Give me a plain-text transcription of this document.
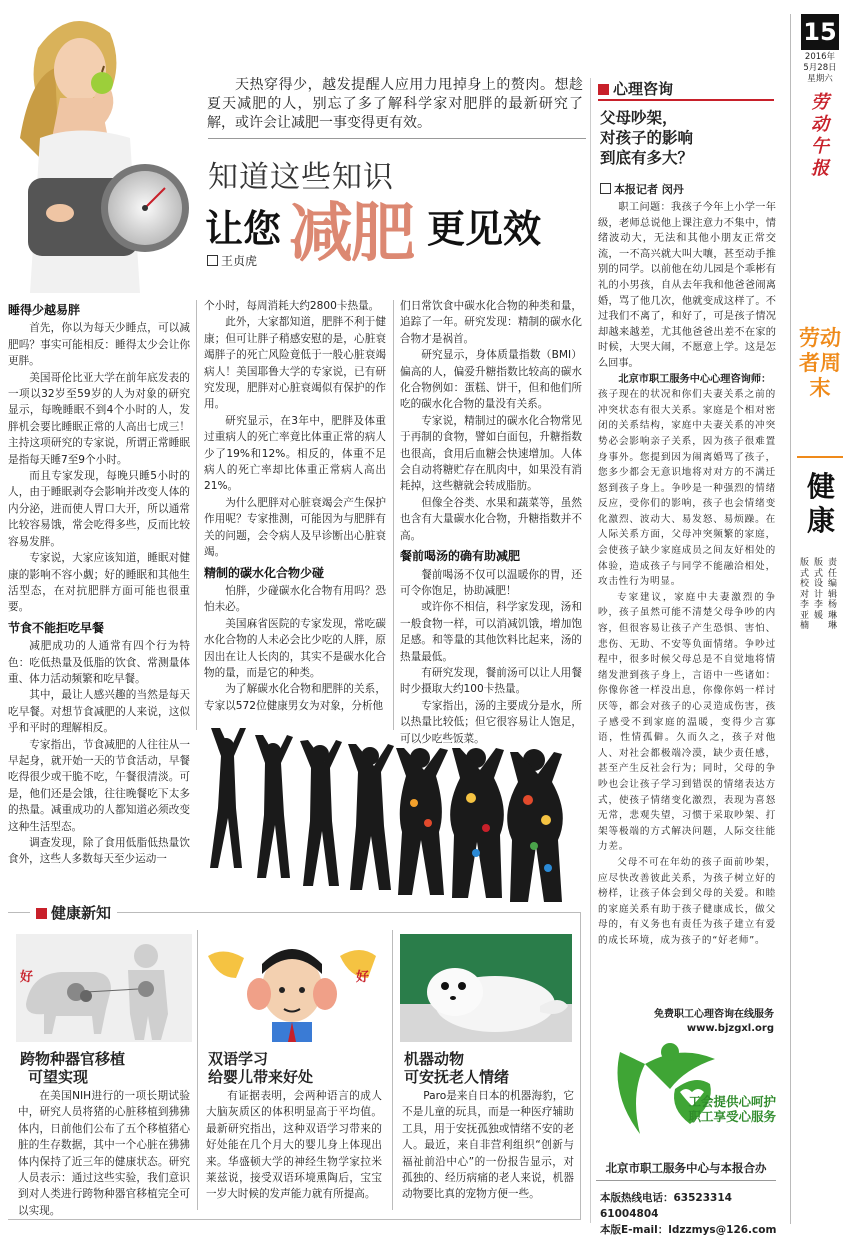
天热穿得少，越发提醒人应用力甩掉身上的赘肉。想趁夏天减肥的人，别忘了多了解科学家对肥胖的最新研究了解，或许会让减肥一事变得更有效。
知道这些知识
让您 减肥 更见效
王贞虎
睡得少越易胖

首先，你以为每天少睡点，可以减肥吗？事实可能相反：睡得太少会让你更胖。

美国哥伦比亚大学在前年底发表的一项以32岁至59岁的人为对象的研究显示，每晚睡眠不到4个小时的人，发胖机会要比睡眠正常的人高出七成三！主持这项研究的专家说，所谓正常睡眠是指每天睡7至9个小时。

而且专家发现，每晚只睡5小时的人，由于睡眠剥夺会影响并改变人体的内分泌，进而使人胃口大开，所以通常比较容易饿，常会吃得多些，反而比较容易发胖。

专家说，大家应该知道，睡眠对健康的影响不容小觑；好的睡眠和其他生活型态，在对抗肥胖方面可能也很重要。

节食不能拒吃早餐

减肥成功的人通常有四个行为特色：吃低热量及低脂的饮食、常测量体重、体力活动频繁和吃早餐。

其中，最让人感兴趣的当然是每天吃早餐。对想节食减肥的人来说，这似乎和平时的理解相反。

专家指出，节食减肥的人往往从一早起身，就开始一天的节食活动，早餐吃得很少或干脆不吃，午餐很清淡。可是，他们还是会饿，往往晚餐吃下太多的热量。减重成功的人都知道必须改变这种生活型态。

调查发现，除了食用低脂低热量饮食外，这些人多数每天至少运动一

个小时，每周消耗大约2800卡热量。

此外，大家都知道，肥胖不利于健康；但可让胖子稍感安慰的是，心脏衰竭胖子的死亡风险竟低于一般心脏衰竭病人！美国耶鲁大学的专家说，已有研究发现，肥胖对心脏衰竭似有保护的作用。

研究显示，在3年中，肥胖及体重过重病人的死亡率竟比体重正常的病人少了19%和12%。相反的，体重不足病人的死亡率却比体重正常病人高出21%。

为什么肥胖对心脏衰竭会产生保护作用呢？专家推测，可能因为与肥胖有关的问题，会令病人及早诊断出心脏衰竭。

精制的碳水化合物少碰

怕胖，少碰碳水化合物有用吗？恐怕未必。

美国麻省医院的专家发现，常吃碳水化合物的人未必会比少吃的人胖，原因出在让人长肉的，其实不是碳水化合物的量，而是它的种类。

为了解碳水化合物和肥胖的关系，专家以572位健康男女为对象，分析他

们日常饮食中碳水化合物的种类和量，追踪了一年。研究发现：精制的碳水化合物才是祸首。

研究显示，身体质量指数（BMI）偏高的人，偏爱升糖指数比较高的碳水化合物例如：蛋糕、饼干，但和他们所吃的碳水化合物的量没有关系。

专家说，精制过的碳水化合物常见于再制的食物，譬如白面包，升糖指数也很高，食用后血糖会快速增加。人体会自动将糖贮存在肌肉中，如果没有消耗掉，这些糖就会转成脂肪。

但像全谷类、水果和蔬菜等，虽然也含有大量碳水化合物，升糖指数并不高。

餐前喝汤的确有助减肥

餐前喝汤不仅可以温暖你的胃，还可令你饱足，协助减肥！

或许你不相信，科学家发现，汤和一般食物一样，可以消减饥饿，增加饱足感。和等量的其他饮料比起来，汤的热量最低。

有研究发现，餐前汤可以让人用餐时少摄取大约100卡热量。

专家指出，汤的主要成分是水，所以热量比较低；但它很容易让人饱足，可以少吃些饭菜。

健康新知
跨物种器官移植
可望实现

在美国NIH进行的一项长期试验中，研究人员将猪的心脏移植到狒狒体内，日前他们公布了五个移植猪心脏的生存数据，其中一个心脏在狒狒体内保持了近三年的健康状态。研究人员表示：通过这些实验，我们意识到对人类进行跨物种器官移植完全可以实现。

好	好
双语学习
给婴儿带来好处

有证据表明，会两种语言的成人大脑灰质区的体积明显高于平均值。最新研究指出，这种双语学习带来的好处能在几个月大的婴儿身上体现出来。华盛顿大学的神经生物学家拉米莱兹说，接受双语环境熏陶后，宝宝一岁大时候的发声能力就有所提高。

机器动物
可安抚老人情绪

Paro是来自日本的机器海豹，它不是儿童的玩具，而是一种医疗辅助工具，用于安抚孤独或情绪不安的老人。最近，来自非营利组织“创新与福祉前沿中心”的一份报告显示，对孤独的、经历病痛的老人来说，机器动物要比真的宠物方便一些。

心理咨询
父母吵架，
对孩子的影响
到底有多大？
本报记者 闵丹

职工问题：我孩子今年上小学一年级，老师总说他上课注意力不集中，情绪波动大，无法和其他小朋友正常交流，一不高兴就大叫大嚷，甚至动手推别的同学。以前他在幼儿园是个乖彬有礼的小男孩，自从去年我和他爸爸闹离婚，骂了他几次，他就变成这样了。不过我们不离了，和好了，可是孩子情况却越来越差，尤其他爸爸出差不在家的时候，大哭大闹，不愿意上学。这是怎么回事。

北京市职工服务中心心理咨询师：

孩子现在的状况和你们夫妻关系之前的冲突状态有很大关系。家庭是个相对密闭的关系结构，家庭中夫妻关系的冲突势必会影响亲子关系，因为孩子很难置身事外。您提到因为闹离婚骂了孩子，您多少都会无意识地将对对方的不满迁怒到孩子身上。争吵是一种强烈的情绪反应，受你们的影响，孩子也会情绪变化激烈、波动大、易发怒、易烦躁。在人际关系方面，父母冲突频繁的家庭，会使孩子缺少家庭成员之间友好相处的体验，造成孩子与同学不能融洽相处，攻击性行为明显。

专家建议，家庭中夫妻激烈的争吵，孩子虽然可能不清楚父母争吵的内容，但很容易让孩子产生恐惧、害怕、悲伤、无助、不安等负面情绪。争吵过程中，很多时候父母总是不自觉地将情绪发泄到孩子身上，言语中一些诸如：你像你爸一样没出息，你像你妈一样讨厌等，都会对孩子的心灵造成伤害，孩子感受不到家庭的温暖，变得少言寡语，性情孤僻。久而久之，孩子对他人、对社会都极端冷漠，缺少责任感，甚至产生反社会行为；同时，父母的争吵也会让孩子学习到错误的情绪表达方式，使孩子情绪变化激烈，表现为喜怒无常，悲观失望，习惯于采取吵架、打架等极端的方式解决问题，人际交往能力差。

父母不可在年幼的孩子面前吵架，应尽快改善彼此关系，为孩子树立好的榜样，让孩子体会到父母的关爱。和睦的家庭关系有助于孩子健康成长，做父母的，有义务也有责任为孩子建立有爱的成长环境，成为孩子的“好老师”。

免费职工心理咨询在线服务
www.bjzgxl.org
工会提供心呵护
职工享受心服务
北京市职工服务中心与本报合办
本版热线电话：63523314 61004804
本版E-mail：ldzzmys@126.com
15
2016年
5月28日
星期六
劳动午报
劳动者周末
健康
责任编辑杨琳琳
版式设计李媛
版式校对李亚楠
